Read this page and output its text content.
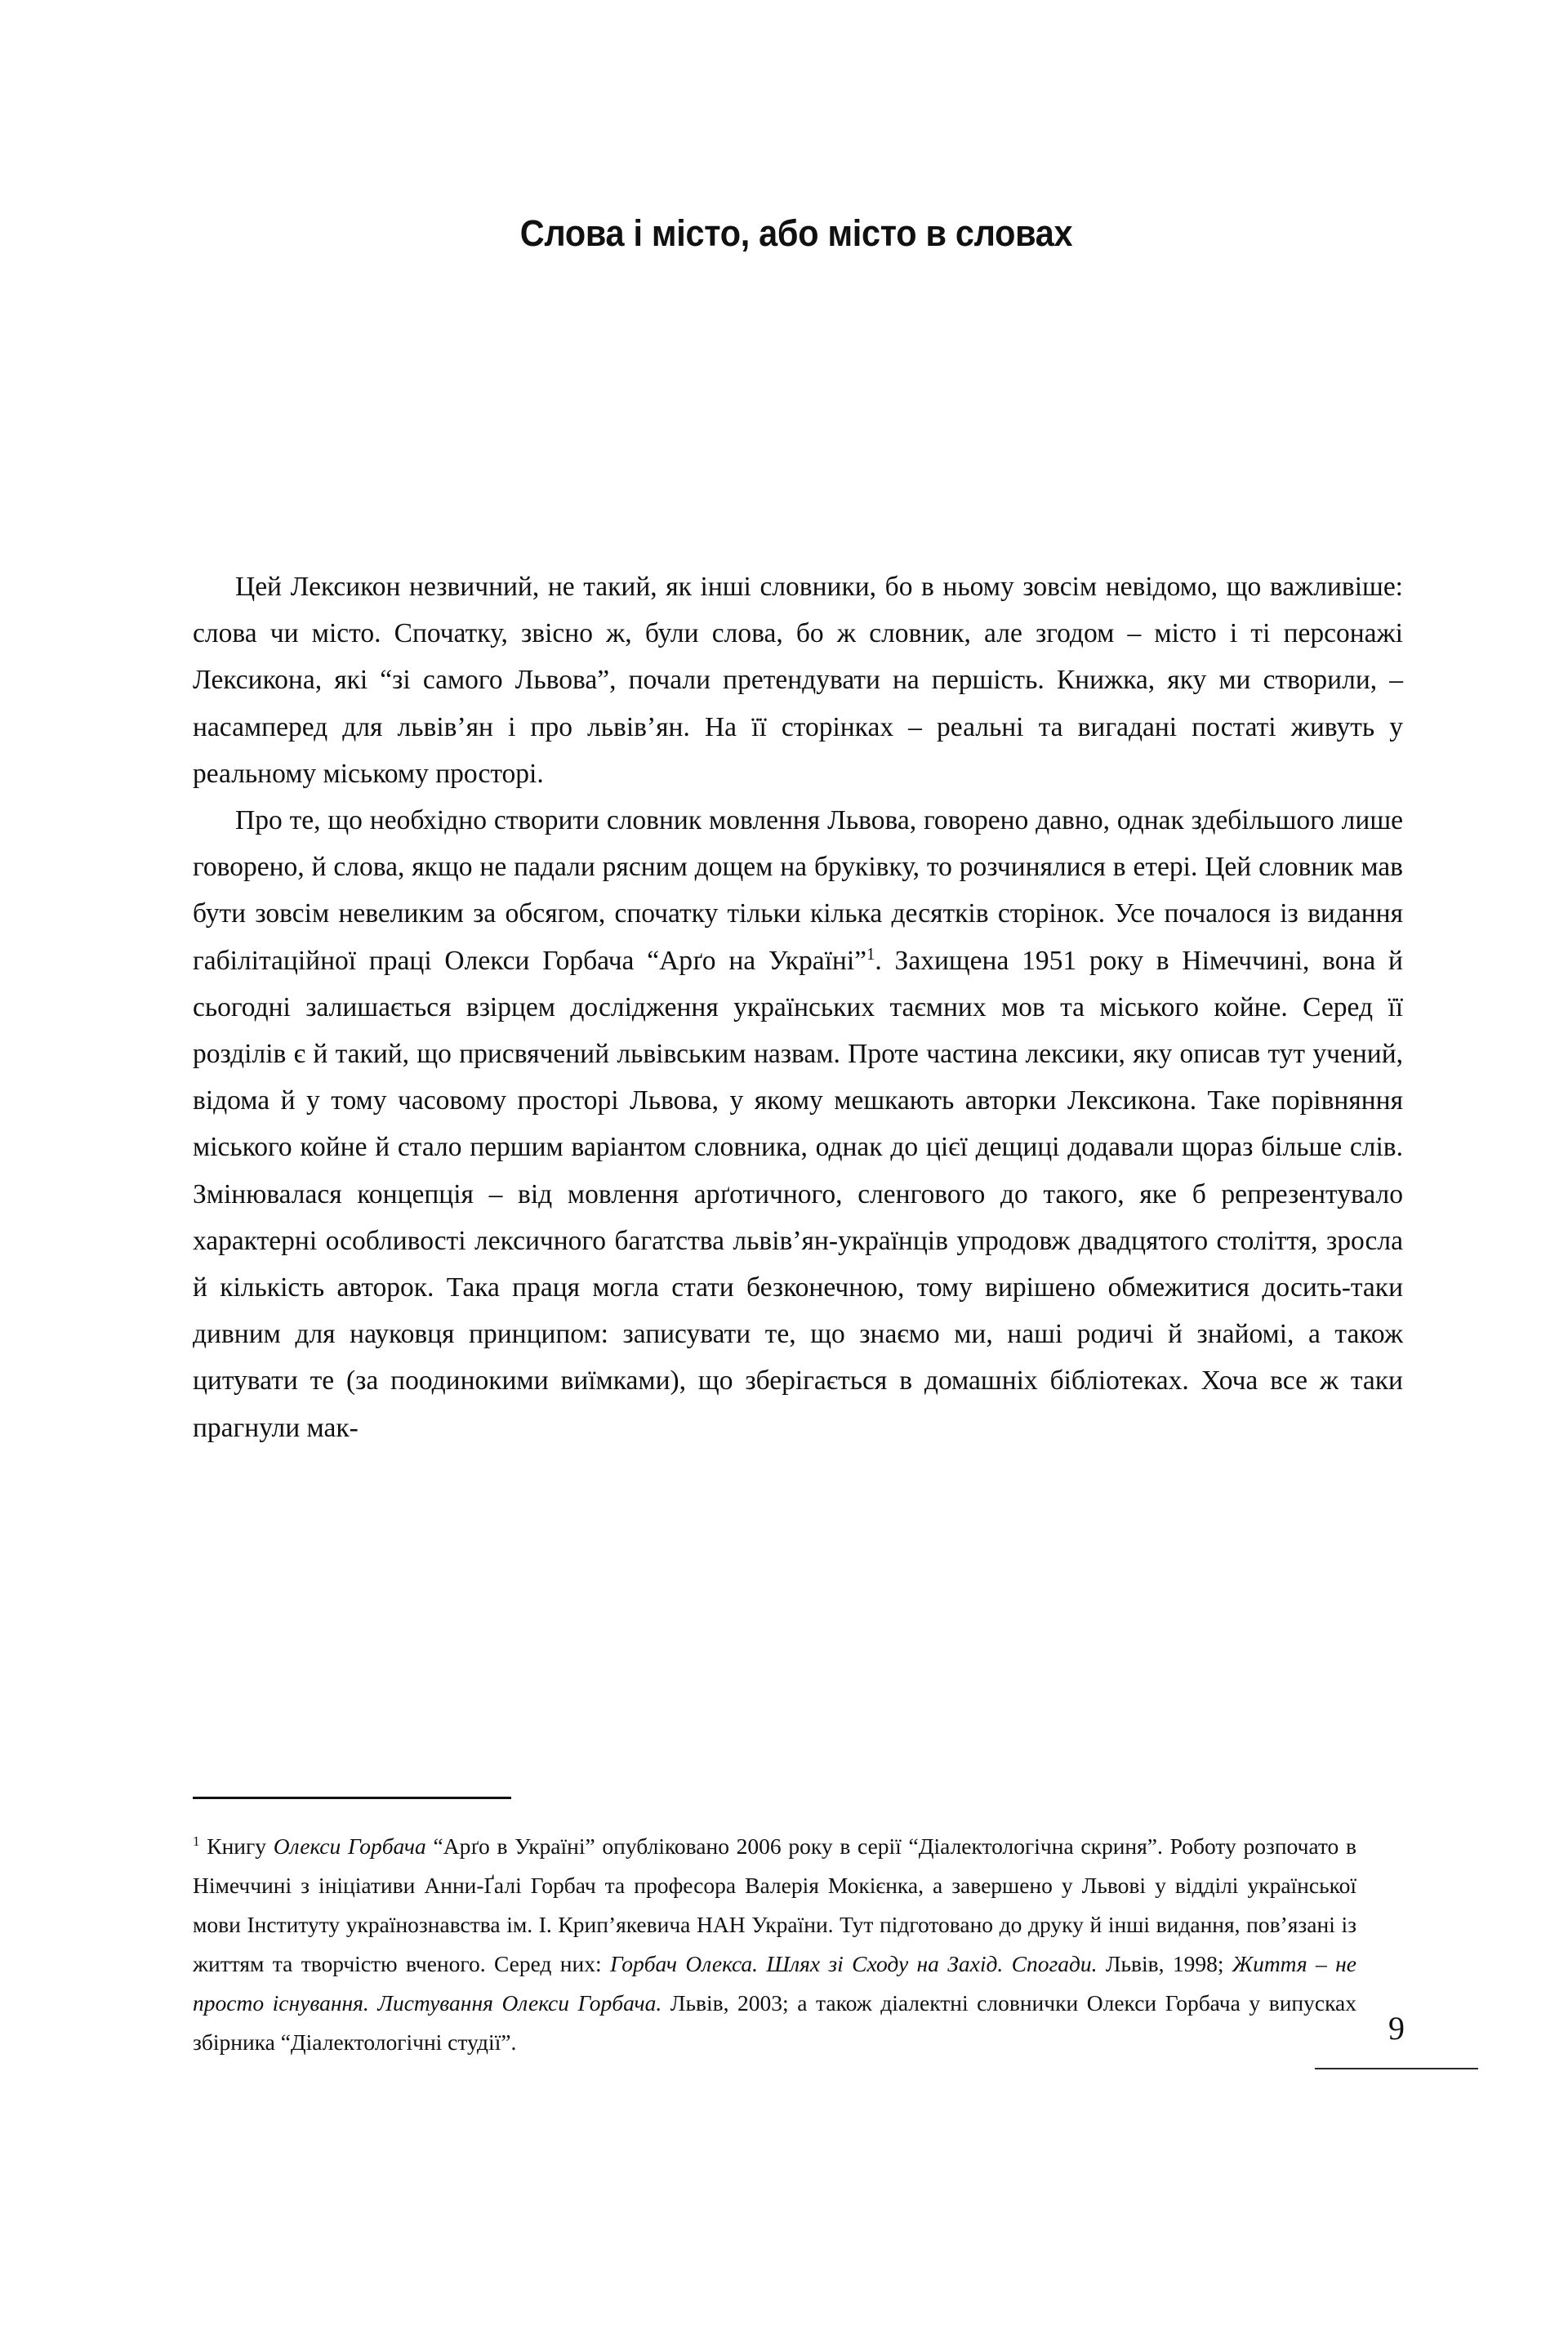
Слова і місто, або місто в словах

Цей Лексикон незвичний, не такий, як інші словники, бо в ньому зовсім невідомо, що важливіше: слова чи місто. Спочатку, звісно ж, були слова, бо ж словник, але згодом – місто і ті персонажі Лексикона, які “зі самого Львова”, почали претендувати на першість. Книжка, яку ми створили, – насамперед для львів’ян і про львів’ян. На її сторінках – реальні та вигадані постаті живуть у реальному міському просторі.

Про те, що необхідно створити словник мовлення Львова, говорено давно, однак здебільшого лише говорено, й слова, якщо не падали рясним дощем на бруківку, то розчинялися в етері. Цей словник мав бути зовсім невеликим за обсягом, спочатку тільки кілька десятків сторінок. Усе почалося із видання габілітаційної праці Олекси Горбача “Арґо на Україні”$^1$. Захищена 1951 року в Німеччині, вона й сьогодні залишається взірцем дослідження українських таємних мов та міського койне. Серед її розділів є й такий, що присвячений львівським назвам. Проте частина лексики, яку описав тут учений, відома й у тому часовому просторі Львова, у якому мешкають авторки Лексикона. Таке порівняння міського койне й стало першим варіантом словника, однак до цієї дещиці додавали щораз більше слів. Змінювалася концепція – від мовлення арґотичного, сленгового до такого, яке б репрезентувало характерні особливості лексичного багатства львів’ян-українців упродовж двадцятого століття, зросла й кількість авторок. Така праця могла стати безконечною, тому вирішено обмежитися досить-таки дивним для науковця принципом: записувати те, що знаємо ми, наші родичі й знайомі, а також цитувати те (за поодинокими виїмками), що зберігається в домашніх бібліотеках. Хоча все ж таки прагнули мак-

$^1$ Книгу Олекси Горбача “Арґо в Україні” опубліковано 2006 року в серії “Діалектологічна скриня”. Роботу розпочато в Німеччині з ініціативи Анни-Ґалі Горбач та професора Валерія Мокієнка, а завершено у Львові у відділі української мови Інституту українознавства ім. І. Крип’якевича НАН України. Тут підготовано до друку й інші видання, пов’язані із життям та творчістю вченого. Серед них: Горбач Олекса. Шлях зі Сходу на Захід. Спогади. Львів, 1998; Життя – не просто існування. Листування Олекси Горбача. Львів, 2003; а також діалектні словнички Олекси Горбача у випусках збірника “Діалектологічні студії”.	9
